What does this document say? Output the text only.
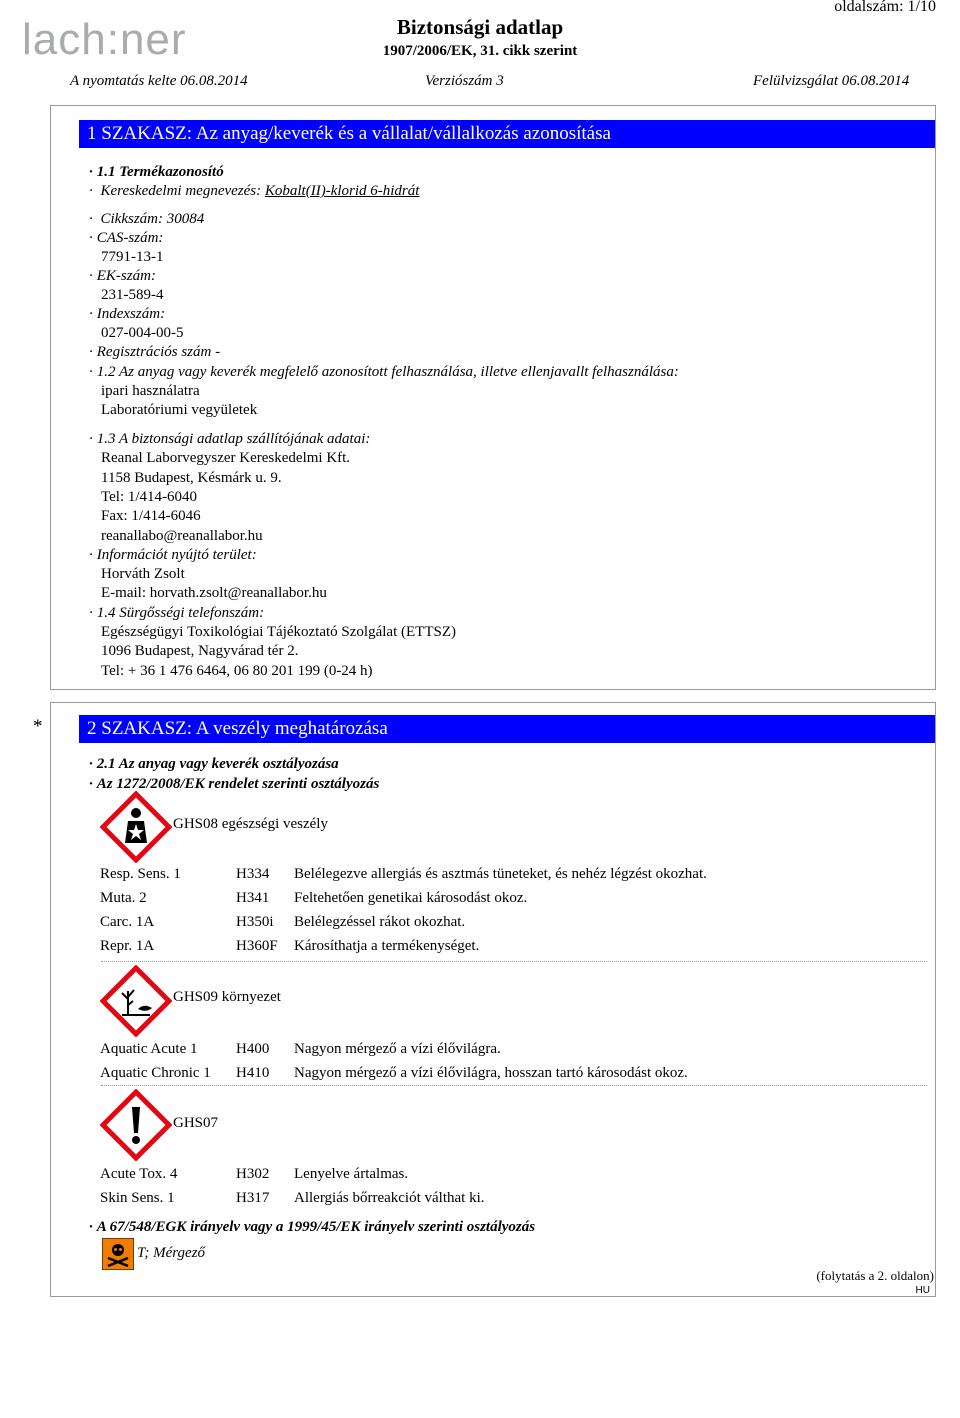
lach:ner
oldalszám: 1/10
Biztonsági adatlap
1907/2006/EK, 31. cikk szerint
A nyomtatás kelte 06.08.2014	Verziószám 3	Felülvizsgálat 06.08.2014
1 SZAKASZ: Az anyag/keverék és a vállalat/vállalkozás azonosítása
· 1.1 Termékazonosító
· Kereskedelmi megnevezés: Kobalt(II)-klorid 6-hidrát
· Cikkszám: 30084
· CAS-szám:
7791-13-1
· EK-szám:
231-589-4
· Indexszám:
027-004-00-5
· Regisztrációs szám -
· 1.2 Az anyag vagy keverék megfelelő azonosított felhasználása, illetve ellenjavallt felhasználása:
ipari használatra
Laboratóriumi vegyületek
· 1.3 A biztonsági adatlap szállítójának adatai:
Reanal Laborvegyszer Kereskedelmi Kft.
1158 Budapest, Késmárk u. 9.
Tel: 1/414-6040
Fax: 1/414-6046
reanallabo@reanallabor.hu
· Információt nyújtó terület:
Horváth Zsolt
E-mail: horvath.zsolt@reanallabor.hu
· 1.4 Sürgősségi telefonszám:
Egészségügyi Toxikológiai Tájékoztató Szolgálat (ETTSZ)
1096 Budapest, Nagyvárad tér 2.
Tel: + 36 1 476 6464, 06 80 201 199 (0-24 h)
*	2 SZAKASZ: A veszély meghatározása
· 2.1 Az anyag vagy keverék osztályozása
· Az 1272/2008/EK rendelet szerinti osztályozás
GHS08 egészségi veszély
Resp. Sens. 1	H334 Belélegezve allergiás és asztmás tüneteket, és nehéz légzést okozhat.
Muta. 2	H341 Feltehetően genetikai károsodást okoz.
Carc. 1A	H350i Belélegzéssel rákot okozhat.
Repr. 1A	H360F Károsíthatja a termékenységet.
GHS09 környezet
Aquatic Acute 1	H400 Nagyon mérgező a vízi élővilágra.
Aquatic Chronic 1 H410 Nagyon mérgező a vízi élővilágra, hosszan tartó károsodást okoz.
GHS07
Acute Tox. 4	H302 Lenyelve ártalmas.
Skin Sens. 1	H317 Allergiás bőrreakciót válthat ki.
· A 67/548/EGK irányelv vagy a 1999/45/EK irányelv szerinti osztályozás
T; Mérgező
(folytatás a 2. oldalon)
HU
